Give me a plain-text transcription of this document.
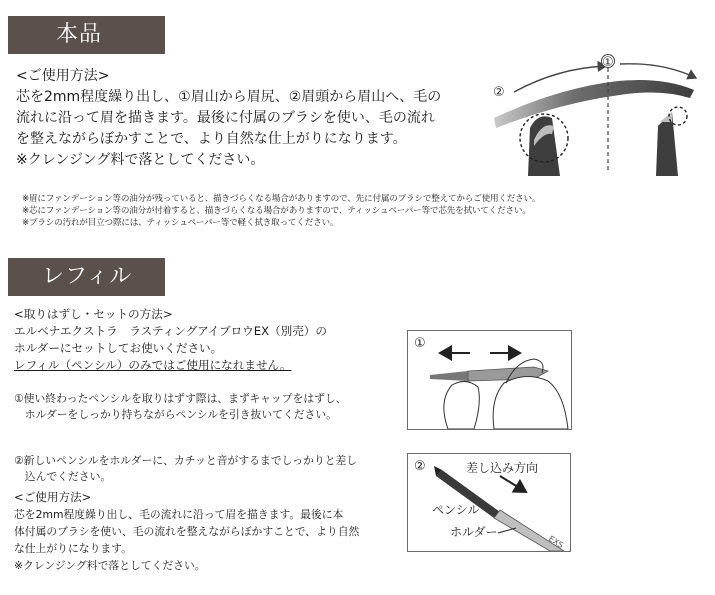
本品
<ご使用方法>
芯を2mm程度繰り出し、①眉山から眉尻、②眉頭から眉山へ、毛の
流れに沿って眉を描きます。最後に付属のブラシを使い、毛の流れ
を整えながらぼかすことで、より自然な仕上がりになります。
※クレンジング料で落としてください。
①
②
※眉にファンデーション等の油分が残っていると、描きづらくなる場合がありますので、先に付属のブラシで整えてからご使用ください。
※芯にファンデーション等の油分が付着すると、描きづらくなる場合がありますので、ティッシュペーパー等で芯先を拭いてください。
※ブラシの汚れが目立つ際には、ティッシュペーパー等で軽く拭き取ってください。
レフィル
<取りはずし・セットの方法>
エルベナエクストラ　ラスティングアイブロウEX（別売）の
ホルダーにセットしてお使いください。
レフィル（ペンシル）のみではご使用になれません。
①使い終わったペンシルを取りはずす際は、まずキャップをはずし、
　ホルダーをしっかり持ちながらペンシルを引き抜いてください。
②新しいペンシルをホルダーに、カチッと音がするまでしっかりと差し
　込んでください。
<ご使用方法>
芯を2mm程度繰り出し、毛の流れに沿って眉を描きます。最後に本
体付属のブラシを使い、毛の流れを整えながらぼかすことで、より自然
な仕上がりになります。
※クレンジング料で落としてください。
①
②	差し込み方向
EXS
ペンシル
ホルダー
